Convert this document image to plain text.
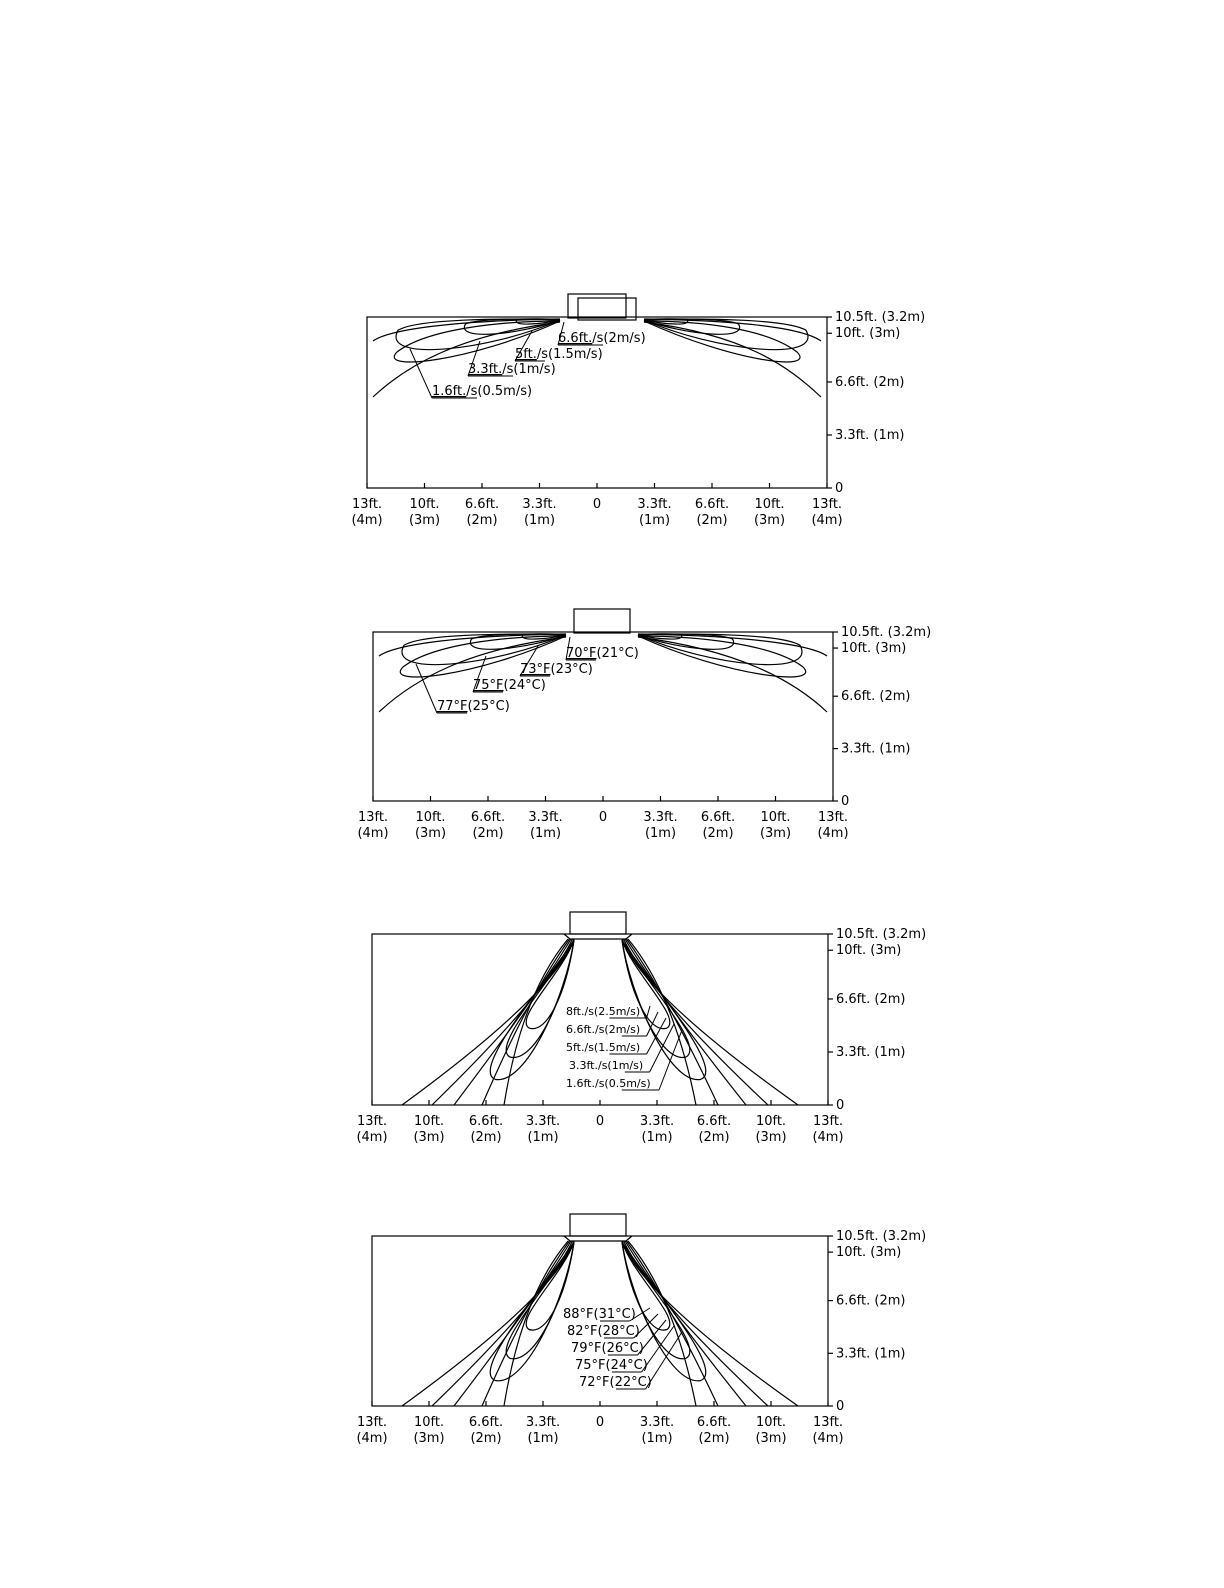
10.5ft. (3.2m)
10ft. (3m)
6.6ft. (2m)
3.3ft. (1m)
0
13ft.
(4m)
10ft.
(3m)
6.6ft.
(2m)
3.3ft.
(1m)
0	3.3ft.
(1m)
6.6ft.
(2m)
10ft.
(3m)
13ft.
(4m)
6.6ft./s(2m/s)
5ft./s(1.5m/s)
3.3ft./s(1m/s)
1.6ft./s(0.5m/s)
10.5ft. (3.2m)
10ft. (3m)
6.6ft. (2m)
3.3ft. (1m)
0
13ft.
(4m)
10ft.
(3m)
6.6ft.
(2m)
3.3ft.
(1m)
0	3.3ft.
(1m)
6.6ft.
(2m)
10ft.
(3m)
13ft.
(4m)
70°F(21°C)
73°F(23°C)
75°F(24°C)
77°F(25°C)
10.5ft. (3.2m)
10ft. (3m)
6.6ft. (2m)
3.3ft. (1m)
0
13ft.
(4m)
10ft.
(3m)
6.6ft.
(2m)
3.3ft.
(1m)
0	3.3ft.
(1m)
6.6ft.
(2m)
10ft.
(3m)
13ft.
(4m)
8ft./s(2.5m/s)
6.6ft./s(2m/s)
5ft./s(1.5m/s)
3.3ft./s(1m/s)
1.6ft./s(0.5m/s)
10.5ft. (3.2m)
10ft. (3m)
6.6ft. (2m)
3.3ft. (1m)
0
13ft.
(4m)
10ft.
(3m)
6.6ft.
(2m)
3.3ft.
(1m)
0	3.3ft.
(1m)
6.6ft.
(2m)
10ft.
(3m)
13ft.
(4m)
88°F(31°C)
82°F(28°C)
79°F(26°C)
75°F(24°C)
72°F(22°C)
